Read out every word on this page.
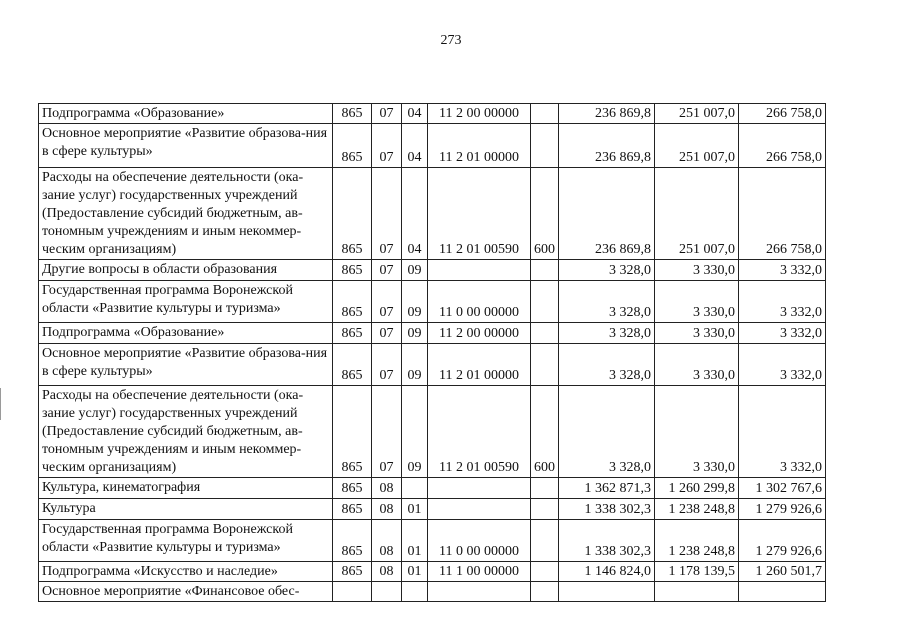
273
Подпрограмма «Образование»	865	07	04	11 2 00 00000		236 869,8	251 007,0	266 758,0
Основное мероприятие «Развитие образова-ния в сфере культуры»	865	07	04	11 2 01 00000		236 869,8	251 007,0	266 758,0
Расходы на обеспечение деятельности (ока-зание услуг) государственных учреждений (Предоставление субсидий бюджетным, ав-тономным учреждениям и иным некоммер-ческим организациям)	865	07	04	11 2 01 00590	600	236 869,8	251 007,0	266 758,0
Другие вопросы в области образования	865	07	09			3 328,0	3 330,0	3 332,0
Государственная программа Воронежской области «Развитие культуры и туризма»	865	07	09	11 0 00 00000		3 328,0	3 330,0	3 332,0
Подпрограмма «Образование»	865	07	09	11 2 00 00000		3 328,0	3 330,0	3 332,0
Основное мероприятие «Развитие образова-ния в сфере культуры»	865	07	09	11 2 01 00000		3 328,0	3 330,0	3 332,0
Расходы на обеспечение деятельности (ока-зание услуг) государственных учреждений (Предоставление субсидий бюджетным, ав-тономным учреждениям и иным некоммер-ческим организациям)	865	07	09	11 2 01 00590	600	3 328,0	3 330,0	3 332,0
Культура, кинематография	865	08				1 362 871,3	1 260 299,8	1 302 767,6
Культура	865	08	01			1 338 302,3	1 238 248,8	1 279 926,6
Государственная программа Воронежской области «Развитие культуры и туризма»	865	08	01	11 0 00 00000		1 338 302,3	1 238 248,8	1 279 926,6
Подпрограмма «Искусство и наследие»	865	08	01	11 1 00 00000		1 146 824,0	1 178 139,5	1 260 501,7
Основное мероприятие «Финансовое обес-								
